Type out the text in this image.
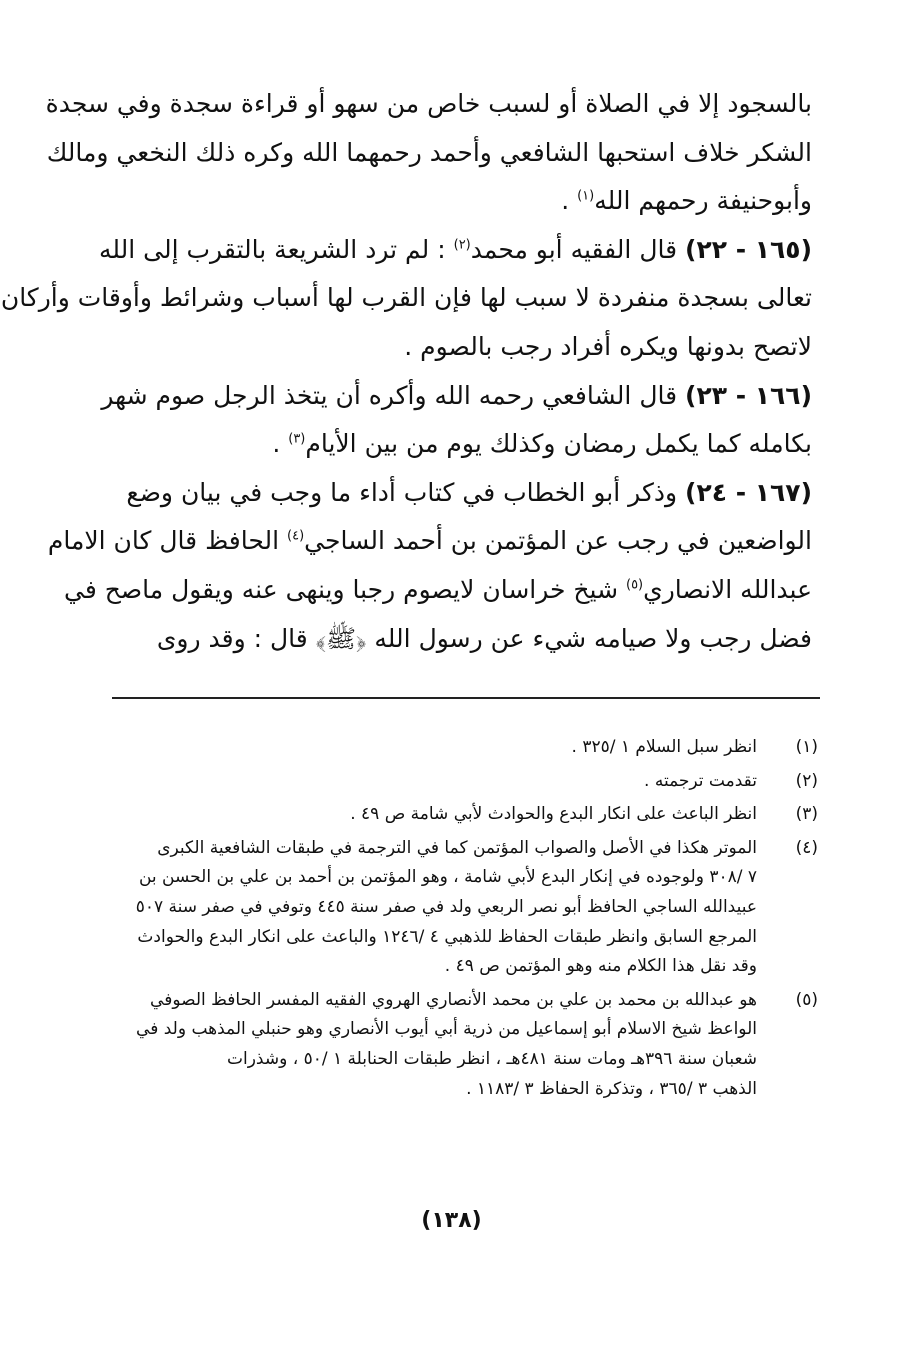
بالسجود إلا في الصلاة أو لسبب خاص من سهو أو قراءة سجدة وفي سجدة
الشكر خلاف استحبها الشافعي وأحمد رحمهما الله وكره ذلك النخعي ومالك
وأبوحنيفة رحمهم الله$^{(١)}$ .
(١٦٥ - ٢٢) قال الفقيه أبو محمد$^{(٢)}$ : لم ترد الشريعة بالتقرب إلى الله
تعالى بسجدة منفردة لا سبب لها فإن القرب لها أسباب وشرائط وأوقات وأركان
لاتصح بدونها ويكره أفراد رجب بالصوم .
(١٦٦ - ٢٣) قال الشافعي رحمه الله وأكره أن يتخذ الرجل صوم شهر
بكامله كما يكمل رمضان وكذلك يوم من بين الأيام$^{(٣)}$ .
(١٦٧ - ٢٤) وذكر أبو الخطاب في كتاب أداء ما وجب في بيان وضع
الواضعين في رجب عن المؤتمن بن أحمد الساجي$^{(٤)}$ الحافظ قال كان الامام
عبدالله الانصاري$^{(٥)}$ شيخ خراسان لايصوم رجبا وينهى عنه ويقول ماصح في
فضل رجب ولا صيامه شيء عن رسول الله ﴿ﷺ﴾ قال : وقد روى
(١)
انظر سبل السلام ١ /٣٢٥ .
(٢)
تقدمت ترجمته .
(٣)
انظر الباعث على انكار البدع والحوادث لأبي شامة ص ٤٩ .
(٤)
الموتر هكذا في الأصل والصواب المؤتمن كما في الترجمة في طبقات الشافعية الكبرى
٧ /٣٠٨ ولوجوده في إنكار البدع لأبي شامة ، وهو المؤتمن بن أحمد بن علي بن الحسن بن
عبيدالله الساجي الحافظ أبو نصر الربعي ولد في صفر سنة ٤٤٥ وتوفي في صفر سنة ٥٠٧
المرجع السابق وانظر طبقات الحفاظ للذهبي ٤ /١٢٤٦ والباعث على انكار البدع والحوادث
وقد نقل هذا الكلام منه وهو المؤتمن ص ٤٩ .
(٥)
هو عبدالله بن محمد بن علي بن محمد الأنصاري الهروي الفقيه المفسر الحافظ الصوفي
الواعظ شيخ الاسلام أبو إسماعيل من ذرية أبي أيوب الأنصاري وهو حنبلي المذهب ولد في
شعبان سنة ٣٩٦هـ ومات سنة ٤٨١هـ ، انظر طبقات الحنابلة ١ /٥٠ ، وشذرات
الذهب ٣ /٣٦٥ ، وتذكرة الحفاظ ٣ /١١٨٣ .
(١٣٨)
